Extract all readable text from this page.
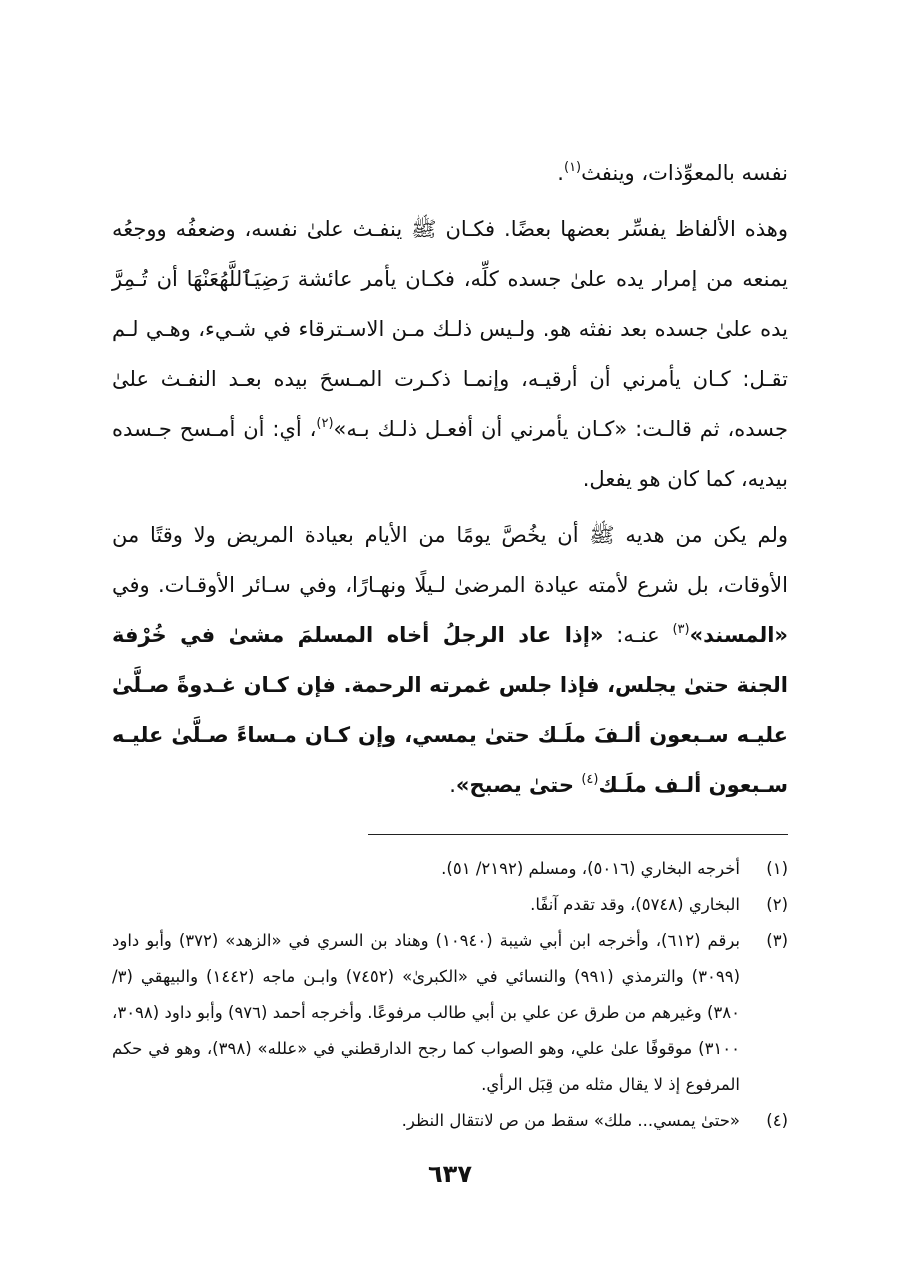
نفسه بالمعوِّذات، وينفث$^{(١)}$.

وهذه الألفاظ يفسِّر بعضها بعضًا. فكـان ﷺ ينفـث علىٰ نفسه، وضعفُه ووجعُه يمنعه من إمرار يده علىٰ جسده كلِّه، فكـان يأمر عائشة رَضِيَٱللَّهُعَنْهَا أن تُـمِرَّ يده علىٰ جسده بعد نفثه هو. ولـيس ذلـك مـن الاسـترقاء في شـيء، وهـي لـم تقـل: كـان يأمرني أن أرقيـه، وإنمـا ذكـرت المـسحَ بيده بعـد النفـث علىٰ جسده، ثم قالـت: «كـان يأمرني أن أفعـل ذلـك بـه»$^{(٢)}$، أي: أن أمـسح جـسده بيديه، كما كان هو يفعل.

ولم يكن من هديه ﷺ أن يخُصَّ يومًا من الأيام بعيادة المريض ولا وقتًا من الأوقات، بل شرع لأمته عيادة المرضىٰ لـيلًا ونهـارًا، وفي سـائر الأوقـات. وفي «المسند»$^{(٣)}$ عنـه: «إذا عاد الرجلُ أخاه المسلمَ مشىٰ في خُرْفة الجنة حتىٰ يجلس، فإذا جلس غمرته الرحمة. فإن كـان غـدوةً صـلَّىٰ عليـه سـبعون ألـفَ ملَـك حتىٰ يمسي، وإن كـان مـساءً صـلَّىٰ عليـه سـبعون ألـف ملَـك$^{(٤)}$ حتىٰ يصبح».

(١)
أخرجه البخاري (٥٠١٦)، ومسلم (٢١٩٢/ ٥١).
(٢)
البخاري (٥٧٤٨)، وقد تقدم آنفًا.
(٣)
برقم (٦١٢)، وأخرجه ابن أبي شيبة (١٠٩٤٠) وهناد بن السري في «الزهد» (٣٧٢) وأبو داود (٣٠٩٩) والترمذي (٩٩١) والنسائي في «الكبرىٰ» (٧٤٥٢) وابـن ماجه (١٤٤٢) والبيهقي (٣/ ٣٨٠) وغيرهم من طرق عن علي بن أبي طالب مرفوعًا. وأخرجه أحمد (٩٧٦) وأبو داود (٣٠٩٨، ٣١٠٠) موقوفًا علىٰ علي، وهو الصواب كما رجح الدارقطني في «علله» (٣٩٨)، وهو في حكم المرفوع إذ لا يقال مثله من قِبَل الرأي.
(٤)
«حتىٰ يمسي... ملك» سقط من ص لانتقال النظر.
٦٣٧
